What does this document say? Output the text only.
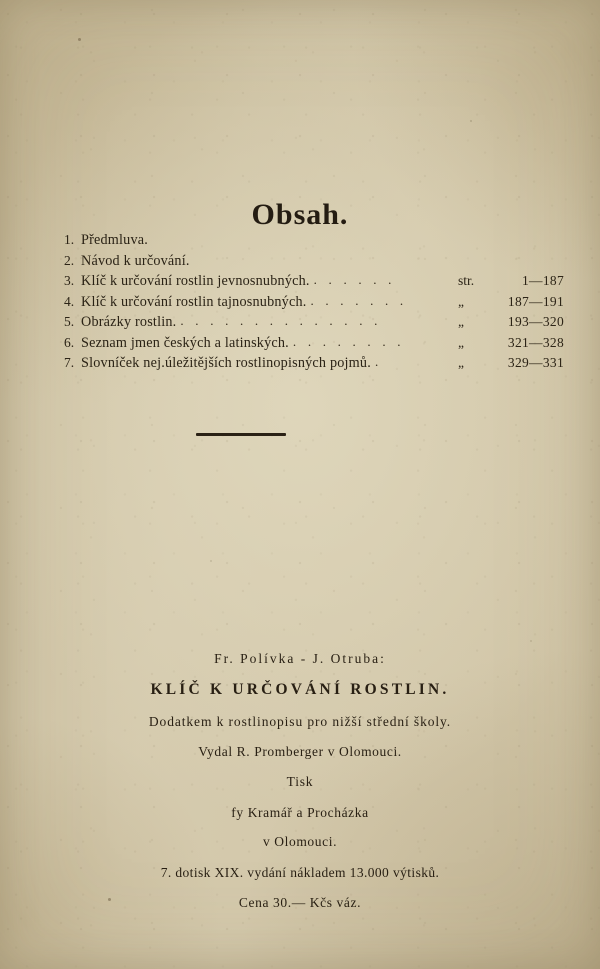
Obsah.
1. Předmluva.
2. Návod k určování.
3. Klíč k určování rostlin jevnosnubných. . . . . . .	str.	1—187
4. Klíč k určování rostlin tajnosnubných. . . . . . . .	„	187—191
5. Obrázky rostlin. . . . . . . . . . . . . . .	„	193—320
6. Seznam jmen českých a latinských. . . . . . . . .	„	321—328
7. Slovníček nej.úležitějších rostlinopisných pojmů. .	„	329—331
Fr. Polívka - J. Otruba:
KLÍČ K URČOVÁNÍ ROSTLIN.
Dodatkem k rostlinopisu pro nižší střední školy.
Vydal R. Promberger v Olomouci.
Tisk
fy Kramář a Procházka
v Olomouci.
7. dotisk XIX. vydání nákladem 13.000 výtisků.
Cena 30.— Kčs váz.
